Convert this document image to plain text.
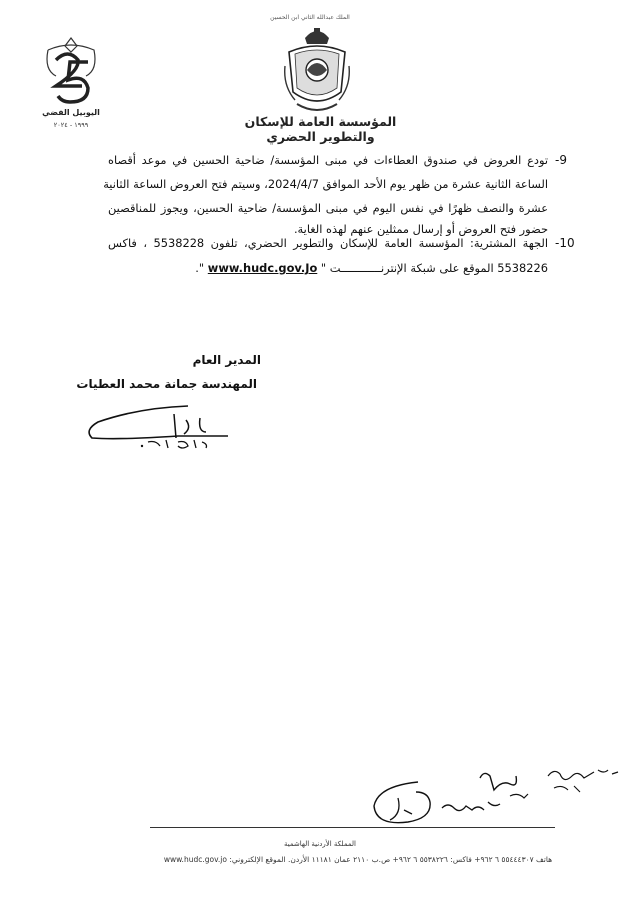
الملك عبدالله الثاني ابن الحسين
المؤسسة العامة للإسكان والتطوير الحضري
اليوبيل الفضي
١٩٩٩ - ٢٠٢٤
-9
تودع العروض في صندوق العطاءات في مبنى المؤسسة/ ضاحية الحسين في موعد أقصاه
الساعة الثانية عشرة من ظهر يوم الأحد الموافق 2024/4/7، وسيتم فتح العروض الساعة الثانية
عشرة والنصف ظهرًا في نفس اليوم في مبنى المؤسسة/ ضاحية الحسين، ويجوز للمناقصين
حضور فتح العروض أو إرسال ممثلين عنهم لهذه الغاية.
-10
الجهة المشترية: المؤسسة العامة للإسكان والتطوير الحضري، تلفون 5538228 ، فاكس
5538226 الموقع على شبكة الإنترنــــــــــــت " www.hudc.gov.Jo ".
المدير العام
المهندسة جمانة محمد العطيات
المملكة الأردنية الهاشمية
هاتف ٥٥٤٤٤٣٠٧ ٦ ٩٦٢+ فاكس: ٥٥٣٨٢٢٦ ٦ ٩٦٢+ ص.ب ٢١١٠ عمان ١١١٨١ الأردن. الموقع الإلكتروني: www.hudc.gov.jo
